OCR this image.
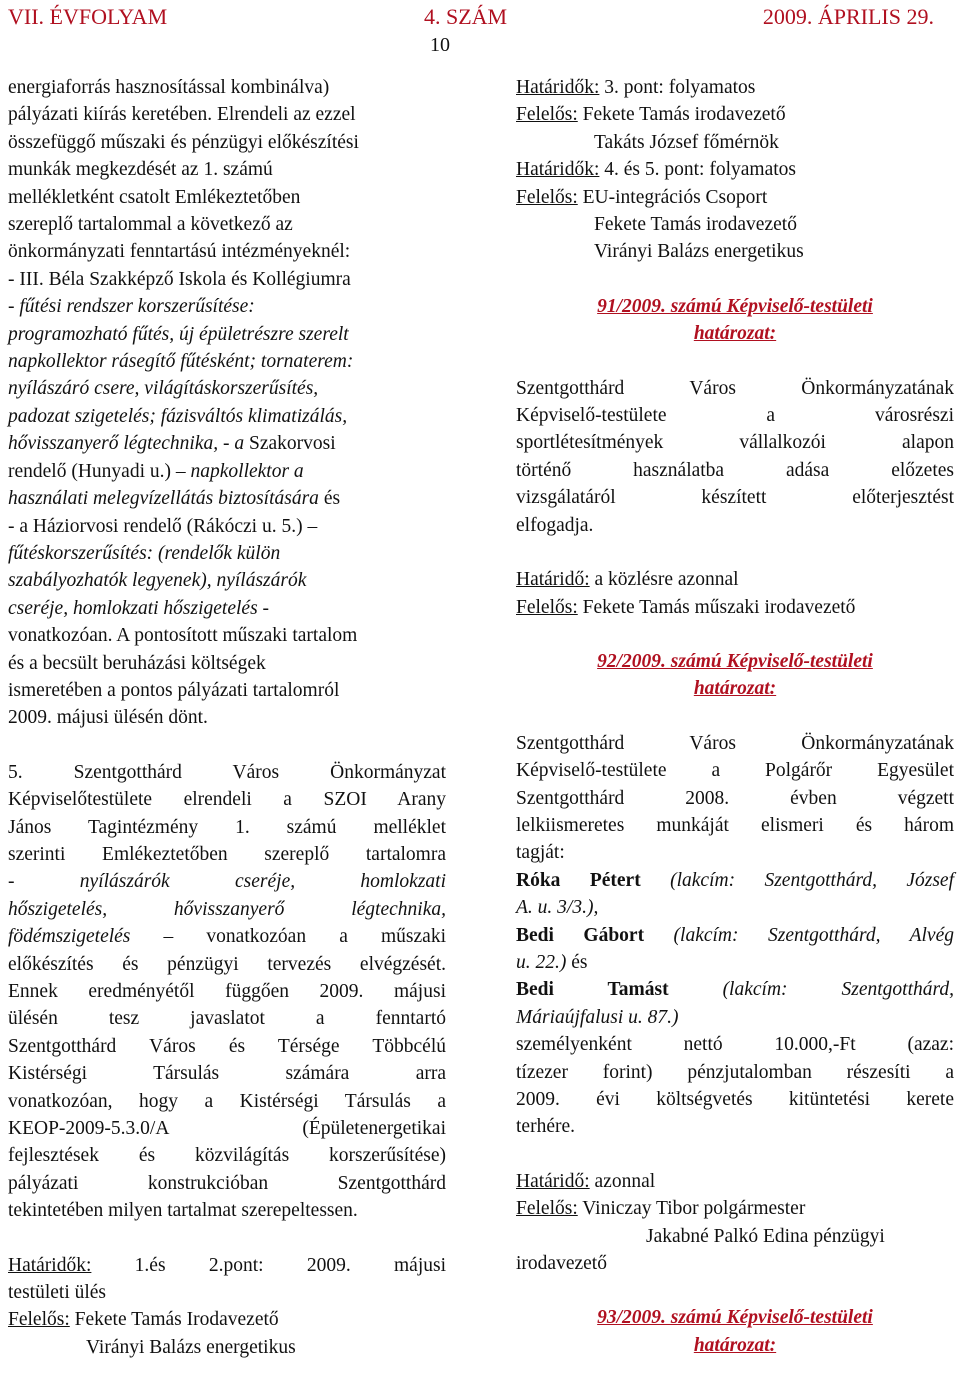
VII. ÉVFOLYAM	4. SZÁM	2009. ÁPRILIS 29.
10

energiaforrás hasznosítással kombinálva)

pályázati kiírás keretében. Elrendeli az ezzel

összefüggő műszaki és pénzügyi előkészítési

munkák megkezdését az 1. számú

mellékletként csatolt Emlékeztetőben

szereplő tartalommal a következő az

önkormányzati fenntartású intézményeknél:

- III. Béla Szakképző Iskola és Kollégiumra

- fűtési rendszer korszerűsítése:

programozható fűtés, új épületrészre szerelt

napkollektor rásegítő fűtésként; tornaterem:

nyílászáró csere, világításkorszerűsítés,

padozat szigetelés; fázisváltós klimatizálás,

hővisszanyerő légtechnika, - a Szakorvosi

rendelő (Hunyadi u.) – napkollektor a

használati melegvízellátás biztosítására és

- a Háziorvosi rendelő (Rákóczi u. 5.) –

fűtéskorszerűsítés: (rendelők külön

szabályozhatók legyenek), nyílászárók

cseréje, homlokzati hőszigetelés -

vonatkozóan. A pontosított műszaki tartalom

és a becsült beruházási költségek

ismeretében a pontos pályázati tartalomról

2009. májusi ülésén dönt.

5. Szentgotthárd Város Önkormányzat

Képviselőtestülete elrendeli a SZOI Arany

János Tagintézmény 1. számú melléklet

szerinti Emlékeztetőben szereplő tartalomra

- nyílászárók cseréje, homlokzati

hőszigetelés, hővisszanyerő légtechnika,

födémszigetelés – vonatkozóan a műszaki

előkészítés és pénzügyi tervezés elvégzését.

Ennek eredményétől függően 2009. májusi

ülésén tesz javaslatot a fenntartó

Szentgotthárd Város és Térsége Többcélú

Kistérségi Társulás számára arra

vonatkozóan, hogy a Kistérségi Társulás a

KEOP-2009-5.3.0/A (Épületenergetikai

fejlesztések és közvilágítás korszerűsítése)

pályázati konstrukcióban Szentgotthárd

tekintetében milyen tartalmat szerepeltessen.

Határidők: 1.és 2.pont: 2009. májusi

testületi ülés

Felelős: Fekete Tamás Irodavezető

Virányi Balázs energetikus

Határidők: 3. pont: folyamatos

Felelős: Fekete Tamás irodavezető

Takáts József főmérnök

Határidők: 4. és 5. pont: folyamatos

Felelős: EU-integrációs Csoport

Fekete Tamás irodavezető

Virányi Balázs energetikus

91/2009. számú Képviselő-testületi

határozat:

Szentgotthárd Város Önkormányzatának

Képviselő-testülete a városrészi

sportlétesítmények vállalkozói alapon

történő használatba adása előzetes

vizsgálatáról készített előterjesztést

elfogadja.

Határidő: a közlésre azonnal

Felelős: Fekete Tamás műszaki irodavezető

92/2009. számú Képviselő-testületi

határozat:

Szentgotthárd Város Önkormányzatának

Képviselő-testülete a Polgárőr Egyesület

Szentgotthárd 2008. évben végzett

lelkiismeretes munkáját elismeri és három

tagját:

Róka Pétert (lakcím: Szentgotthárd, József

A. u. 3/3.),

Bedi Gábort (lakcím: Szentgotthárd, Alvég

u. 22.) és

Bedi Tamást (lakcím: Szentgotthárd,

Máriaújfalusi u. 87.)

személyenként nettó 10.000,-Ft (azaz:

tízezer forint) pénzjutalomban részesíti a

2009. évi költségvetés kitüntetési kerete

terhére.

Határidő: azonnal

Felelős: Viniczay Tibor polgármester

Jakabné Palkó Edina pénzügyi

irodavezető

93/2009. számú Képviselő-testületi

határozat:
